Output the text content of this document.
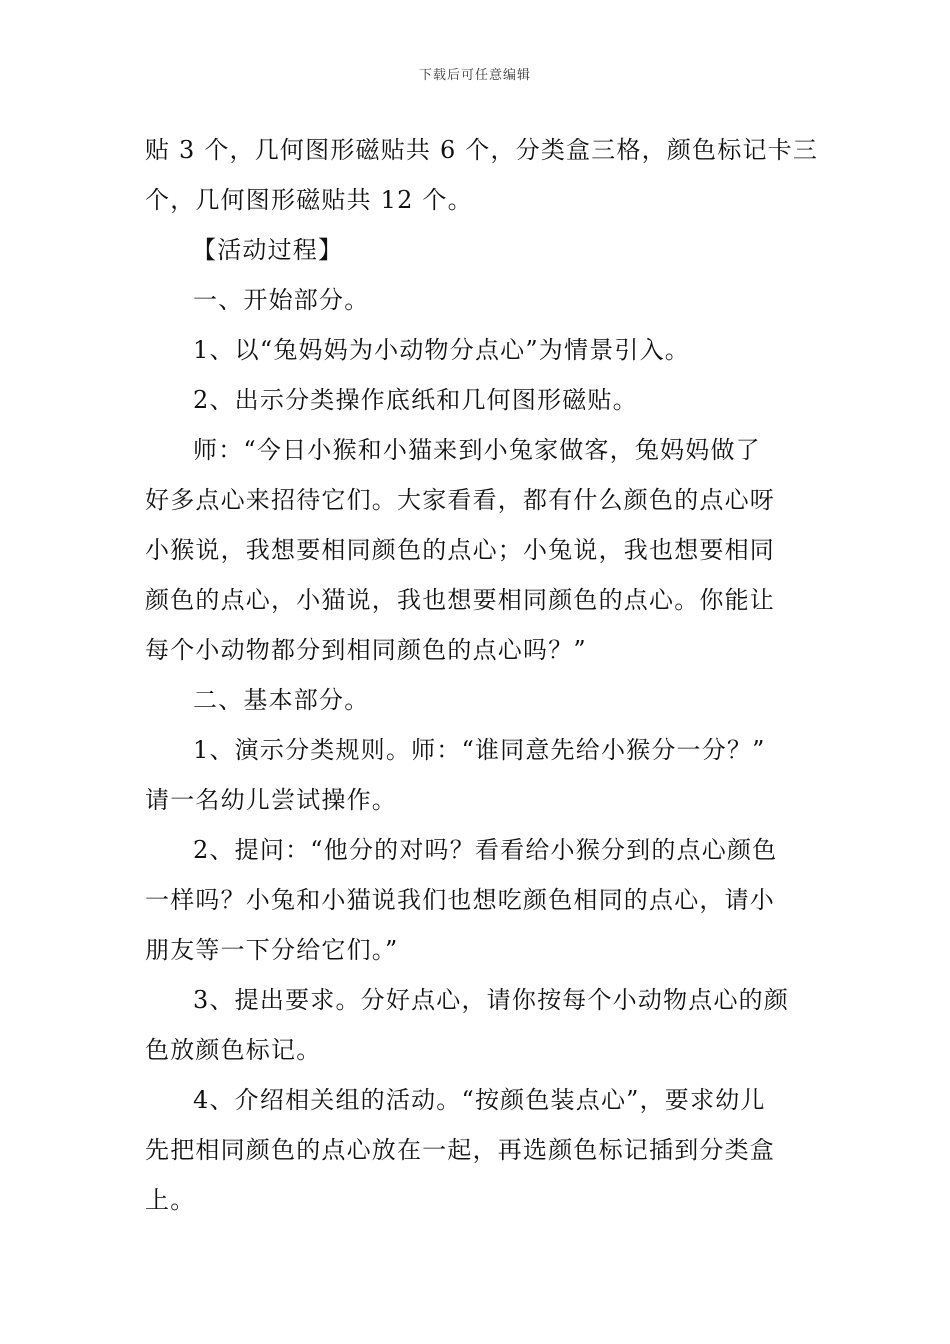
下载后可任意编辑
贴 3 个，几何图形磁贴共 6 个，分类盒三格，颜色标记卡三
个，几何图形磁贴共 12 个。
【活动过程】
一、开始部分。
1、以“兔妈妈为小动物分点心”为情景引入。
2、出示分类操作底纸和几何图形磁贴。
师：“今日小猴和小猫来到小兔家做客，兔妈妈做了
好多点心来招待它们。大家看看，都有什么颜色的点心呀
小猴说，我想要相同颜色的点心；小兔说，我也想要相同
颜色的点心，小猫说，我也想要相同颜色的点心。你能让
每个小动物都分到相同颜色的点心吗？”
二、基本部分。
1、演示分类规则。师：“谁同意先给小猴分一分？”
请一名幼儿尝试操作。
2、提问：“他分的对吗？看看给小猴分到的点心颜色
一样吗？小兔和小猫说我们也想吃颜色相同的点心，请小
朋友等一下分给它们。”
3、提出要求。分好点心，请你按每个小动物点心的颜
色放颜色标记。
4、介绍相关组的活动。“按颜色装点心”，要求幼儿
先把相同颜色的点心放在一起，再选颜色标记插到分类盒
上。
